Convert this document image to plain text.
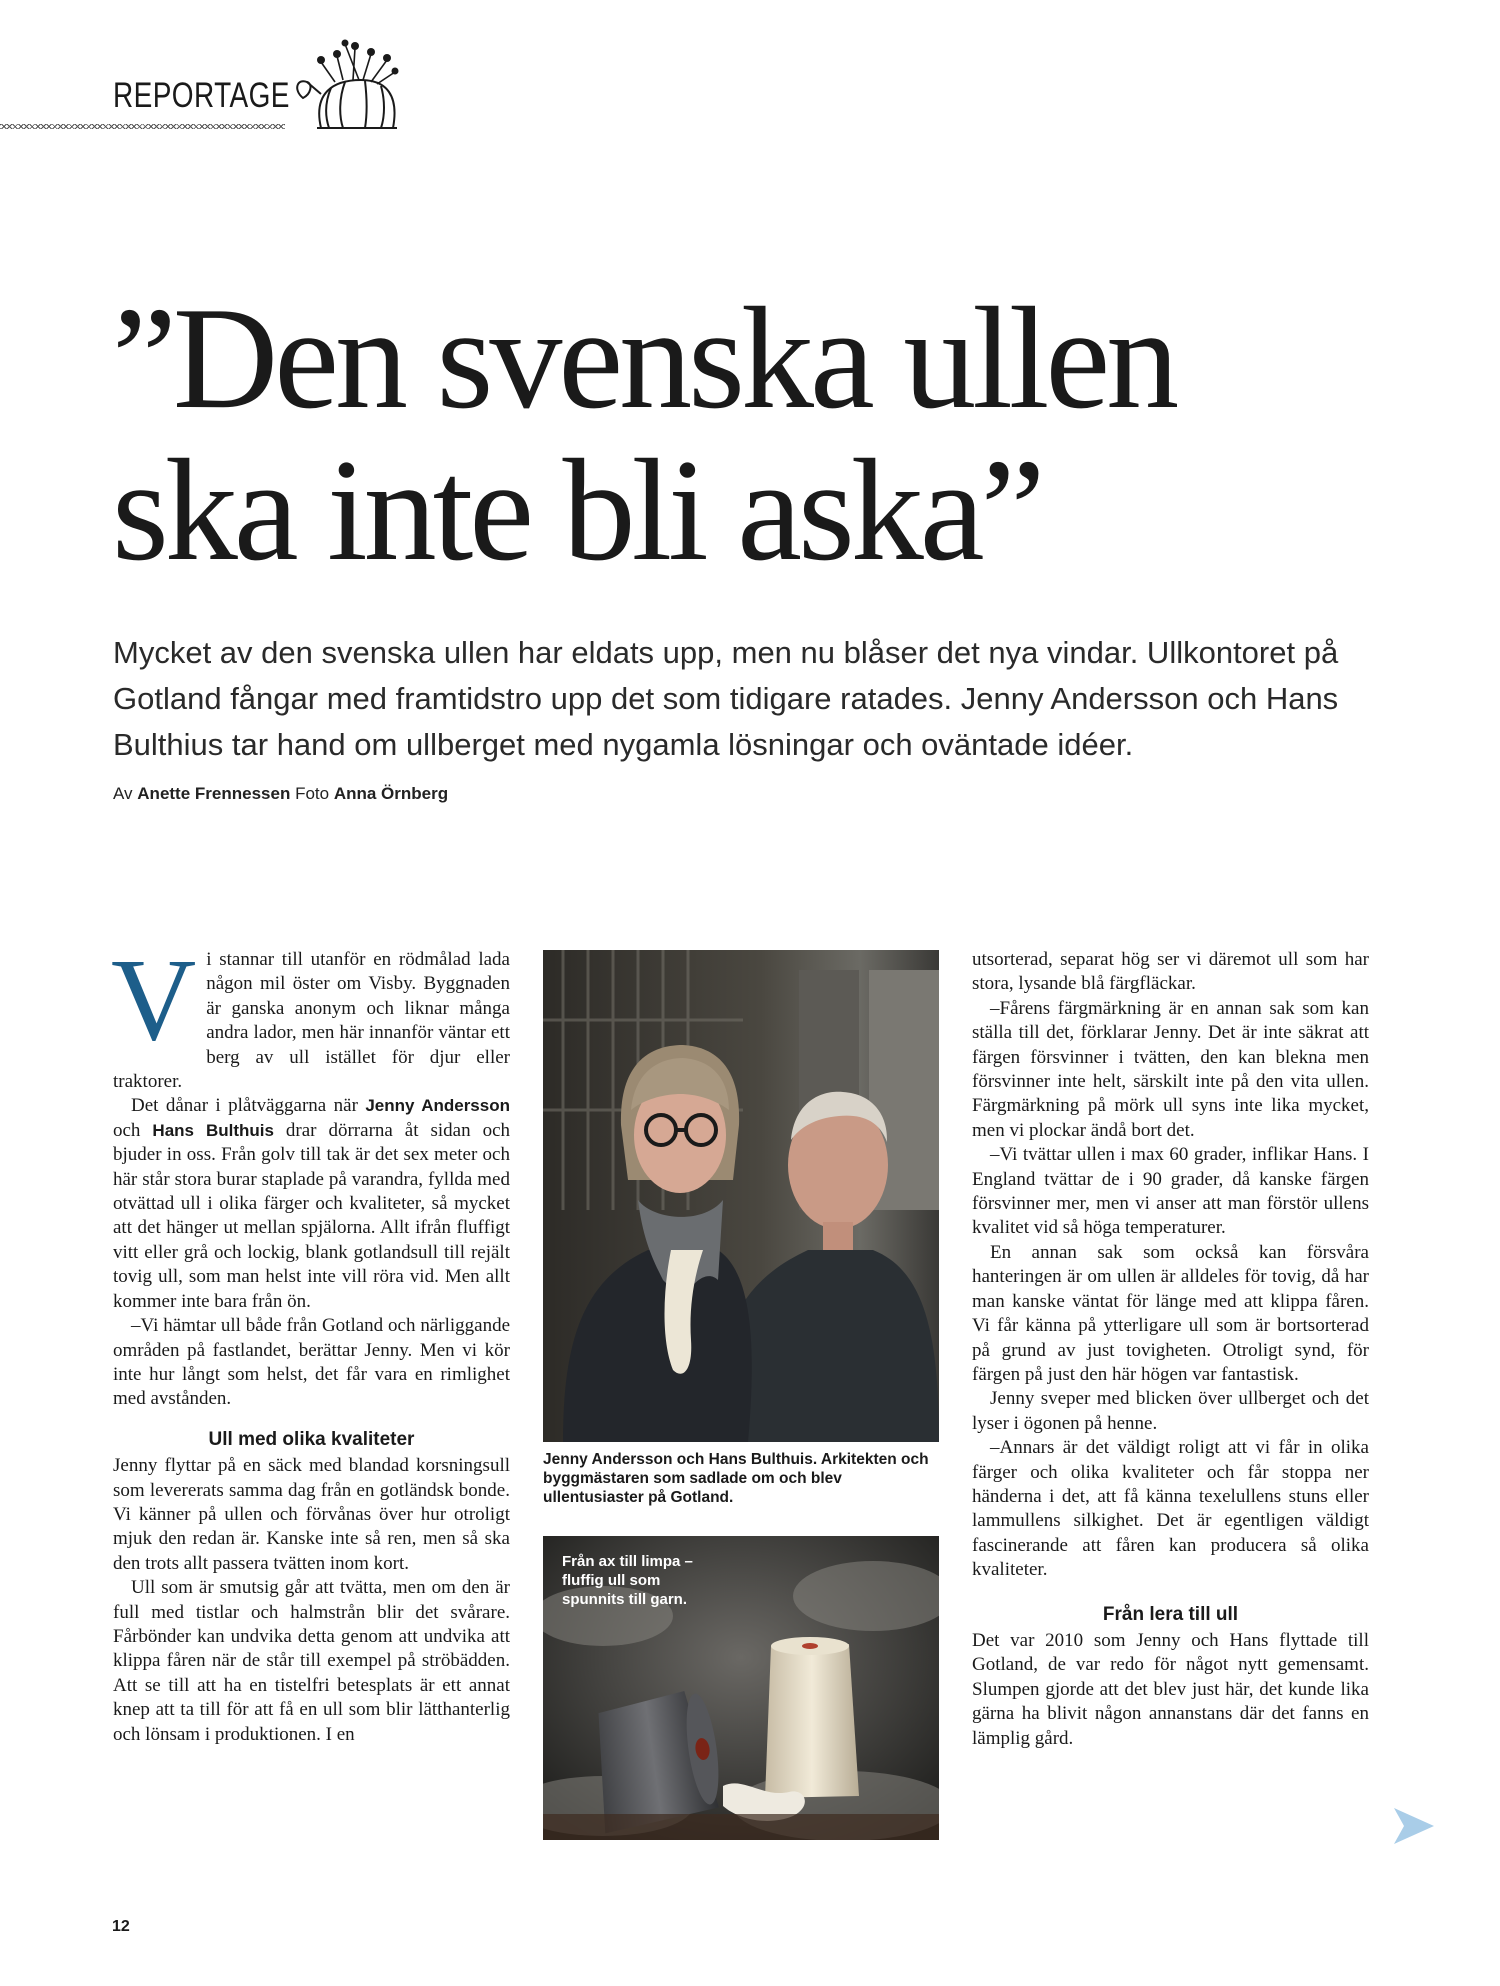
REPORTAGE
”Den svenska ullen
ska inte bli aska”

Mycket av den svenska ullen har eldats upp, men nu blåser det nya vindar. Ullkontoret på Gotland fångar med framtidstro upp det som tidigare ratades. Jenny Andersson och Hans Bulthius tar hand om ullberget med nygamla lösningar och oväntade idéer.

Av Anette Frennessen Foto Anna Örnberg
V i stannar till utanför en rödmålad lada någon mil öster om Visby. Byggnaden är ganska anonym och liknar många andra lador, men här innanför väntar ett berg av ull istället för djur eller traktorer.

Det dånar i plåtväggarna när Jenny Andersson och Hans Bulthuis drar dörrarna åt sidan och bjuder in oss. Från golv till tak är det sex meter och här står stora burar staplade på varandra, fyllda med otvättad ull i olika färger och kvaliteter, så mycket att det hänger ut mellan spjälorna. Allt ifrån fluffigt vitt eller grå och lockig, blank gotlandsull till rejält tovig ull, som man helst inte vill röra vid. Men allt kommer inte bara från ön.

–Vi hämtar ull både från Gotland och närliggande områden på fastlandet, berättar Jenny. Men vi kör inte hur långt som helst, det får vara en rimlighet med avstånden.

Ull med olika kvaliteter

Jenny flyttar på en säck med blandad korsningsull som levererats samma dag från en gotländsk bonde. Vi känner på ullen och förvånas över hur otroligt mjuk den redan är. Kanske inte så ren, men så ska den trots allt passera tvätten inom kort.

Ull som är smutsig går att tvätta, men om den är full med tistlar och halmstrån blir det svårare. Fårbönder kan undvika detta genom att undvika att klippa fåren när de står till exempel på ströbädden. Att se till att ha en tistelfri betesplats är ett annat knep att ta till för att få en ull som blir lätthanterlig och lönsam i produktionen. I en

Jenny Andersson och Hans Bulthuis. Arkitekten och byggmästaren som sadlade om och blev ullentusiaster på Gotland.
Från ax till limpa – fluffig ull som spunnits till garn.

utsorterad, separat hög ser vi däremot ull som har stora, lysande blå färgfläckar.

–Fårens färgmärkning är en annan sak som kan ställa till det, förklarar Jenny. Det är inte säkrat att färgen försvinner i tvätten, den kan blekna men försvinner inte helt, särskilt inte på den vita ullen. Färgmärkning på mörk ull syns inte lika mycket, men vi plockar ändå bort det.

–Vi tvättar ullen i max 60 grader, inflikar Hans. I England tvättar de i 90 grader, då kanske färgen försvinner mer, men vi anser att man förstör ullens kvalitet vid så höga temperaturer.

En annan sak som också kan försvåra hanteringen är om ullen är alldeles för tovig, då har man kanske väntat för länge med att klippa fåren. Vi får känna på ytterligare ull som är bortsorterad på grund av just tovigheten. Otroligt synd, för färgen på just den här högen var fantastisk.

Jenny sveper med blicken över ullberget och det lyser i ögonen på henne.

–Annars är det väldigt roligt att vi får in olika färger och olika kvaliteter och får stoppa ner händerna i det, att få känna texelullens stuns eller lammullens silkighet. Det är egentligen väldigt fascinerande att fåren kan producera så olika kvaliteter.

Från lera till ull

Det var 2010 som Jenny och Hans flyttade till Gotland, de var redo för något nytt gemensamt. Slumpen gjorde att det blev just här, det kunde lika gärna ha blivit någon annanstans där det fanns en lämplig gård.

12
